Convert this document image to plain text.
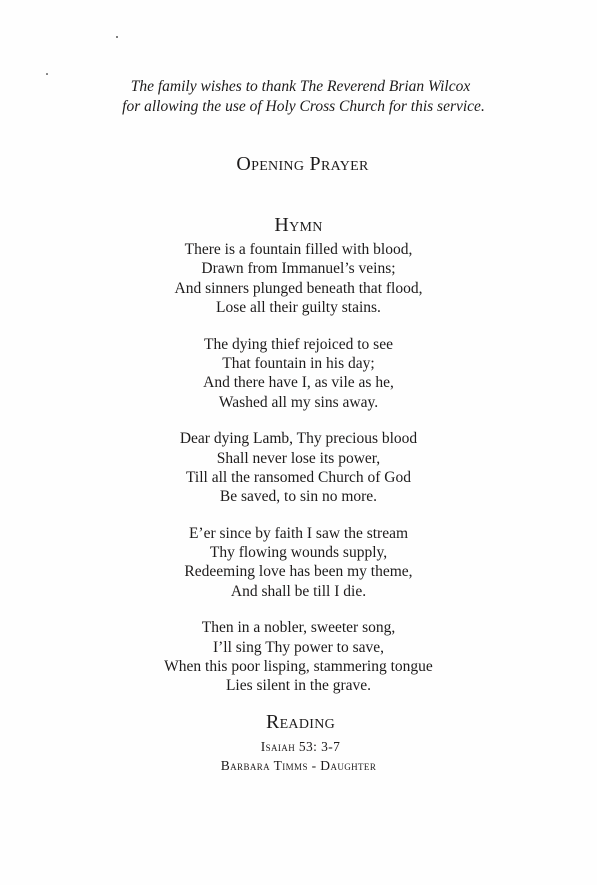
The family wishes to thank The Reverend Brian Wilcox
for allowing the use of Holy Cross Church for this service.
Opening Prayer
Hymn
There is a fountain filled with blood,
Drawn from Immanuel’s veins;
And sinners plunged beneath that flood,
Lose all their guilty stains.
The dying thief rejoiced to see
That fountain in his day;
And there have I, as vile as he,
Washed all my sins away.
Dear dying Lamb, Thy precious blood
Shall never lose its power,
Till all the ransomed Church of God
Be saved, to sin no more.
E’er since by faith I saw the stream
Thy flowing wounds supply,
Redeeming love has been my theme,
And shall be till I die.
Then in a nobler, sweeter song,
I’ll sing Thy power to save,
When this poor lisping, stammering tongue
Lies silent in the grave.
Reading
Isaiah 53: 3-7
Barbara Timms - Daughter
